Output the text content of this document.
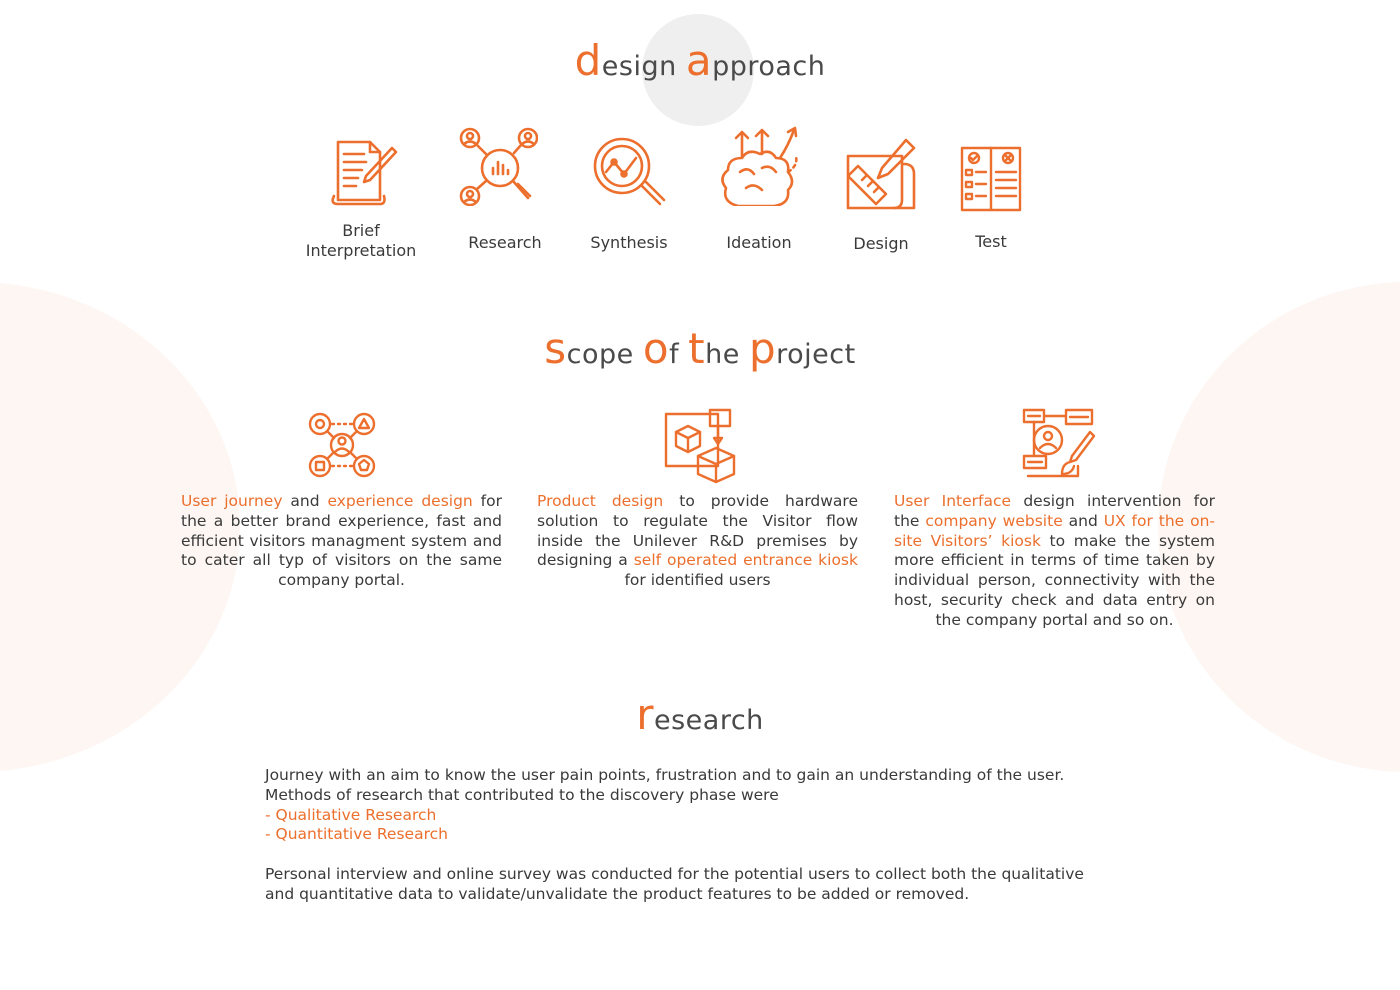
design approach
Brief
Interpretation	Research	Synthesis	Ideation	Design	Test
scope of the project
User journey and experience design for the a better brand experience, fast and efficient visitors managment system and to cater all typ of visitors on the same company portal.
Product design to provide hardware solution to regulate the Visitor flow inside the Unilever R&D premises by designing a self operated entrance kiosk for identified users
User Interface design intervention for the company website and UX for the on-site Visitors’ kiosk to make the system more efficient in terms of time taken by individual person, connectivity with the host, security check and data entry on the company portal and so on.
research

Journey with an aim to know the user pain points, frustration and to gain an understanding of the user.

Methods of research that contributed to the discovery phase were

- Qualitative Research

- Quantitative Research

Personal interview and online survey was conducted for the potential users to collect both the qualitative

and quantitative data to validate/unvalidate the product features to be added or removed.
